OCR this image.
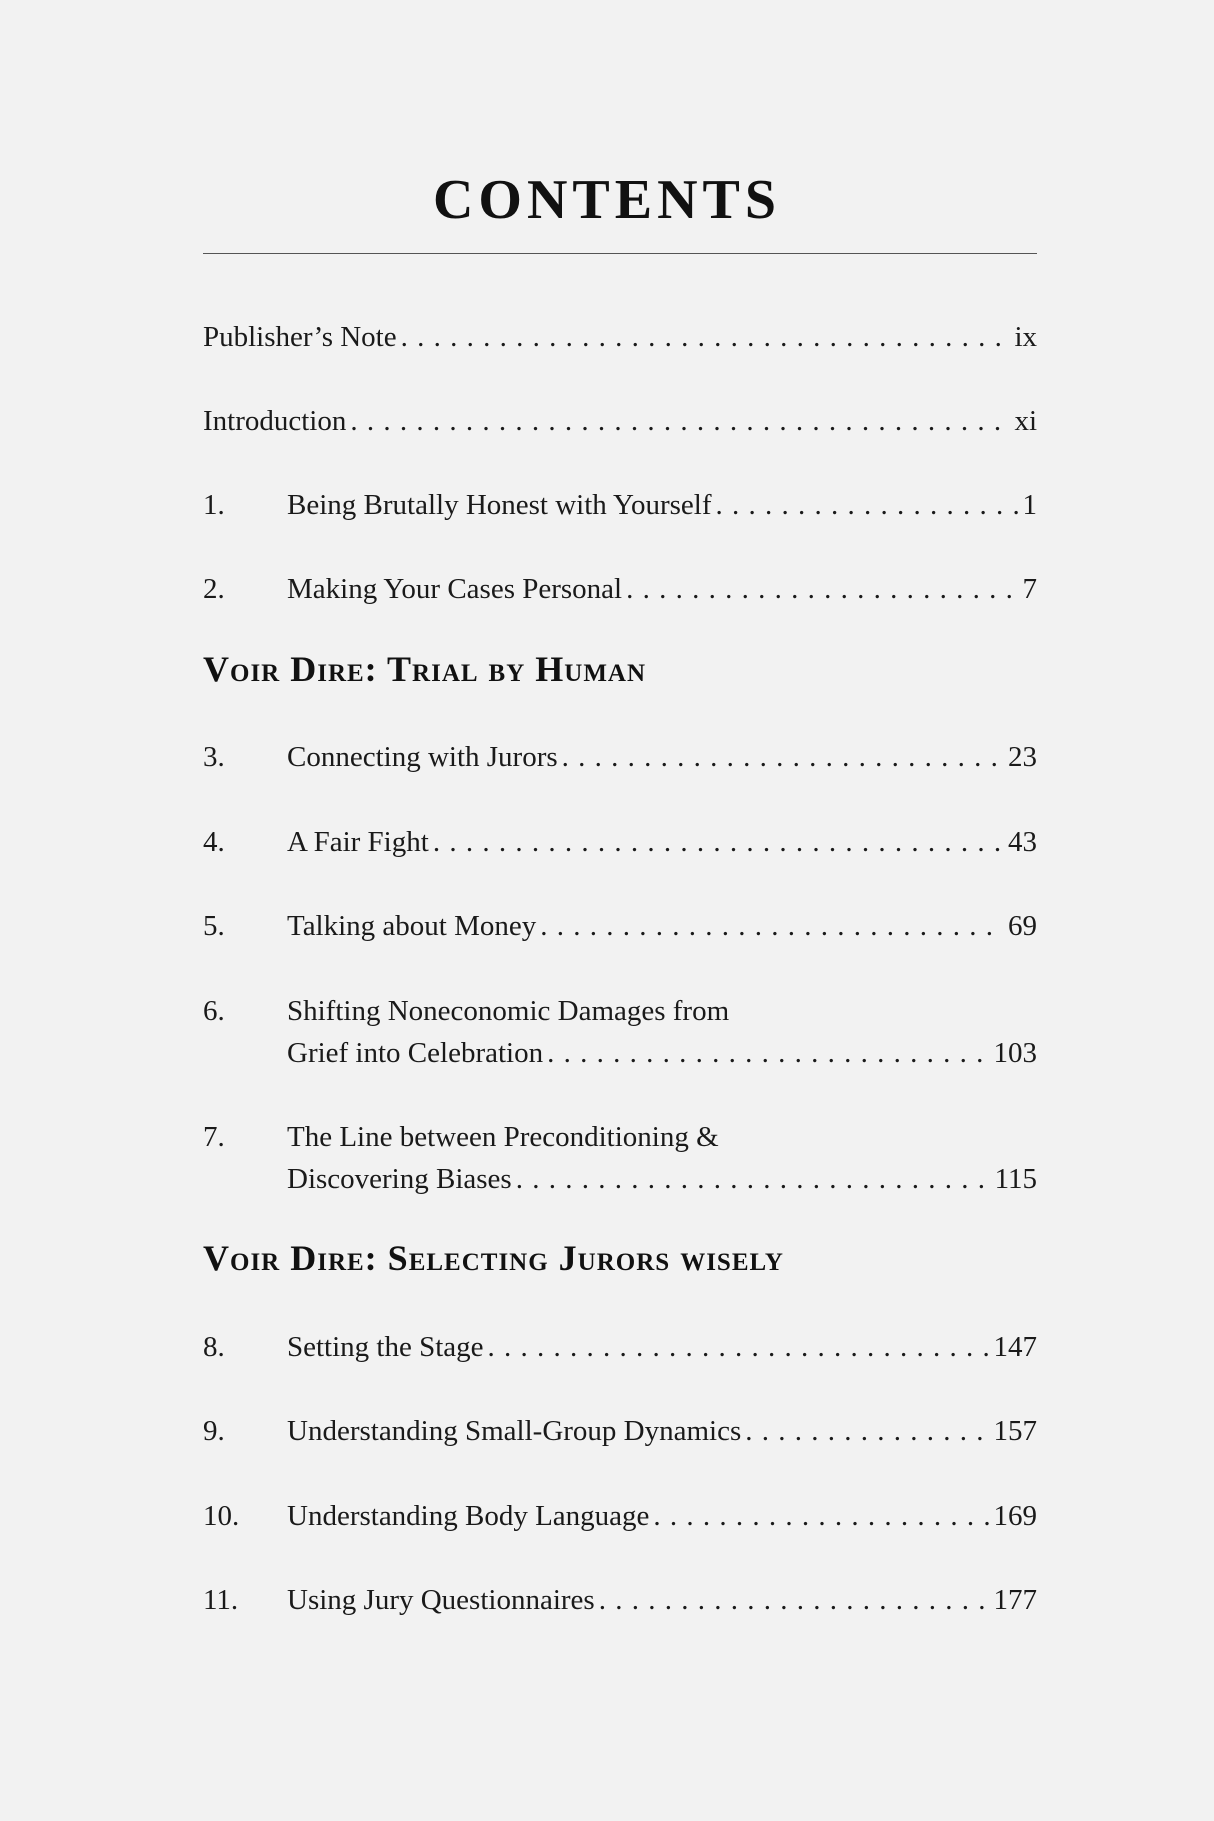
CONTENTS
Publisher’s Note . . .	ix
Introduction . . .	xi
1.	Being Brutally Honest with Yourself . . .	1
2.	Making Your Cases Personal . . .	7
Voir Dire: Trial by Human
3.	Connecting with Jurors . . .	23
4.	A Fair Fight . . .	43
5.	Talking about Money . . .	69
6.	Shifting Noneconomic Damages from
Grief into Celebration . . .	103
7.	The Line between Preconditioning &
Discovering Biases . . .	115
Voir Dire: Selecting Jurors wisely
8.	Setting the Stage . . .	147
9.	Understanding Small-Group Dynamics . . .	157
10.	Understanding Body Language . . .	169
11.	Using Jury Questionnaires . . .	177
